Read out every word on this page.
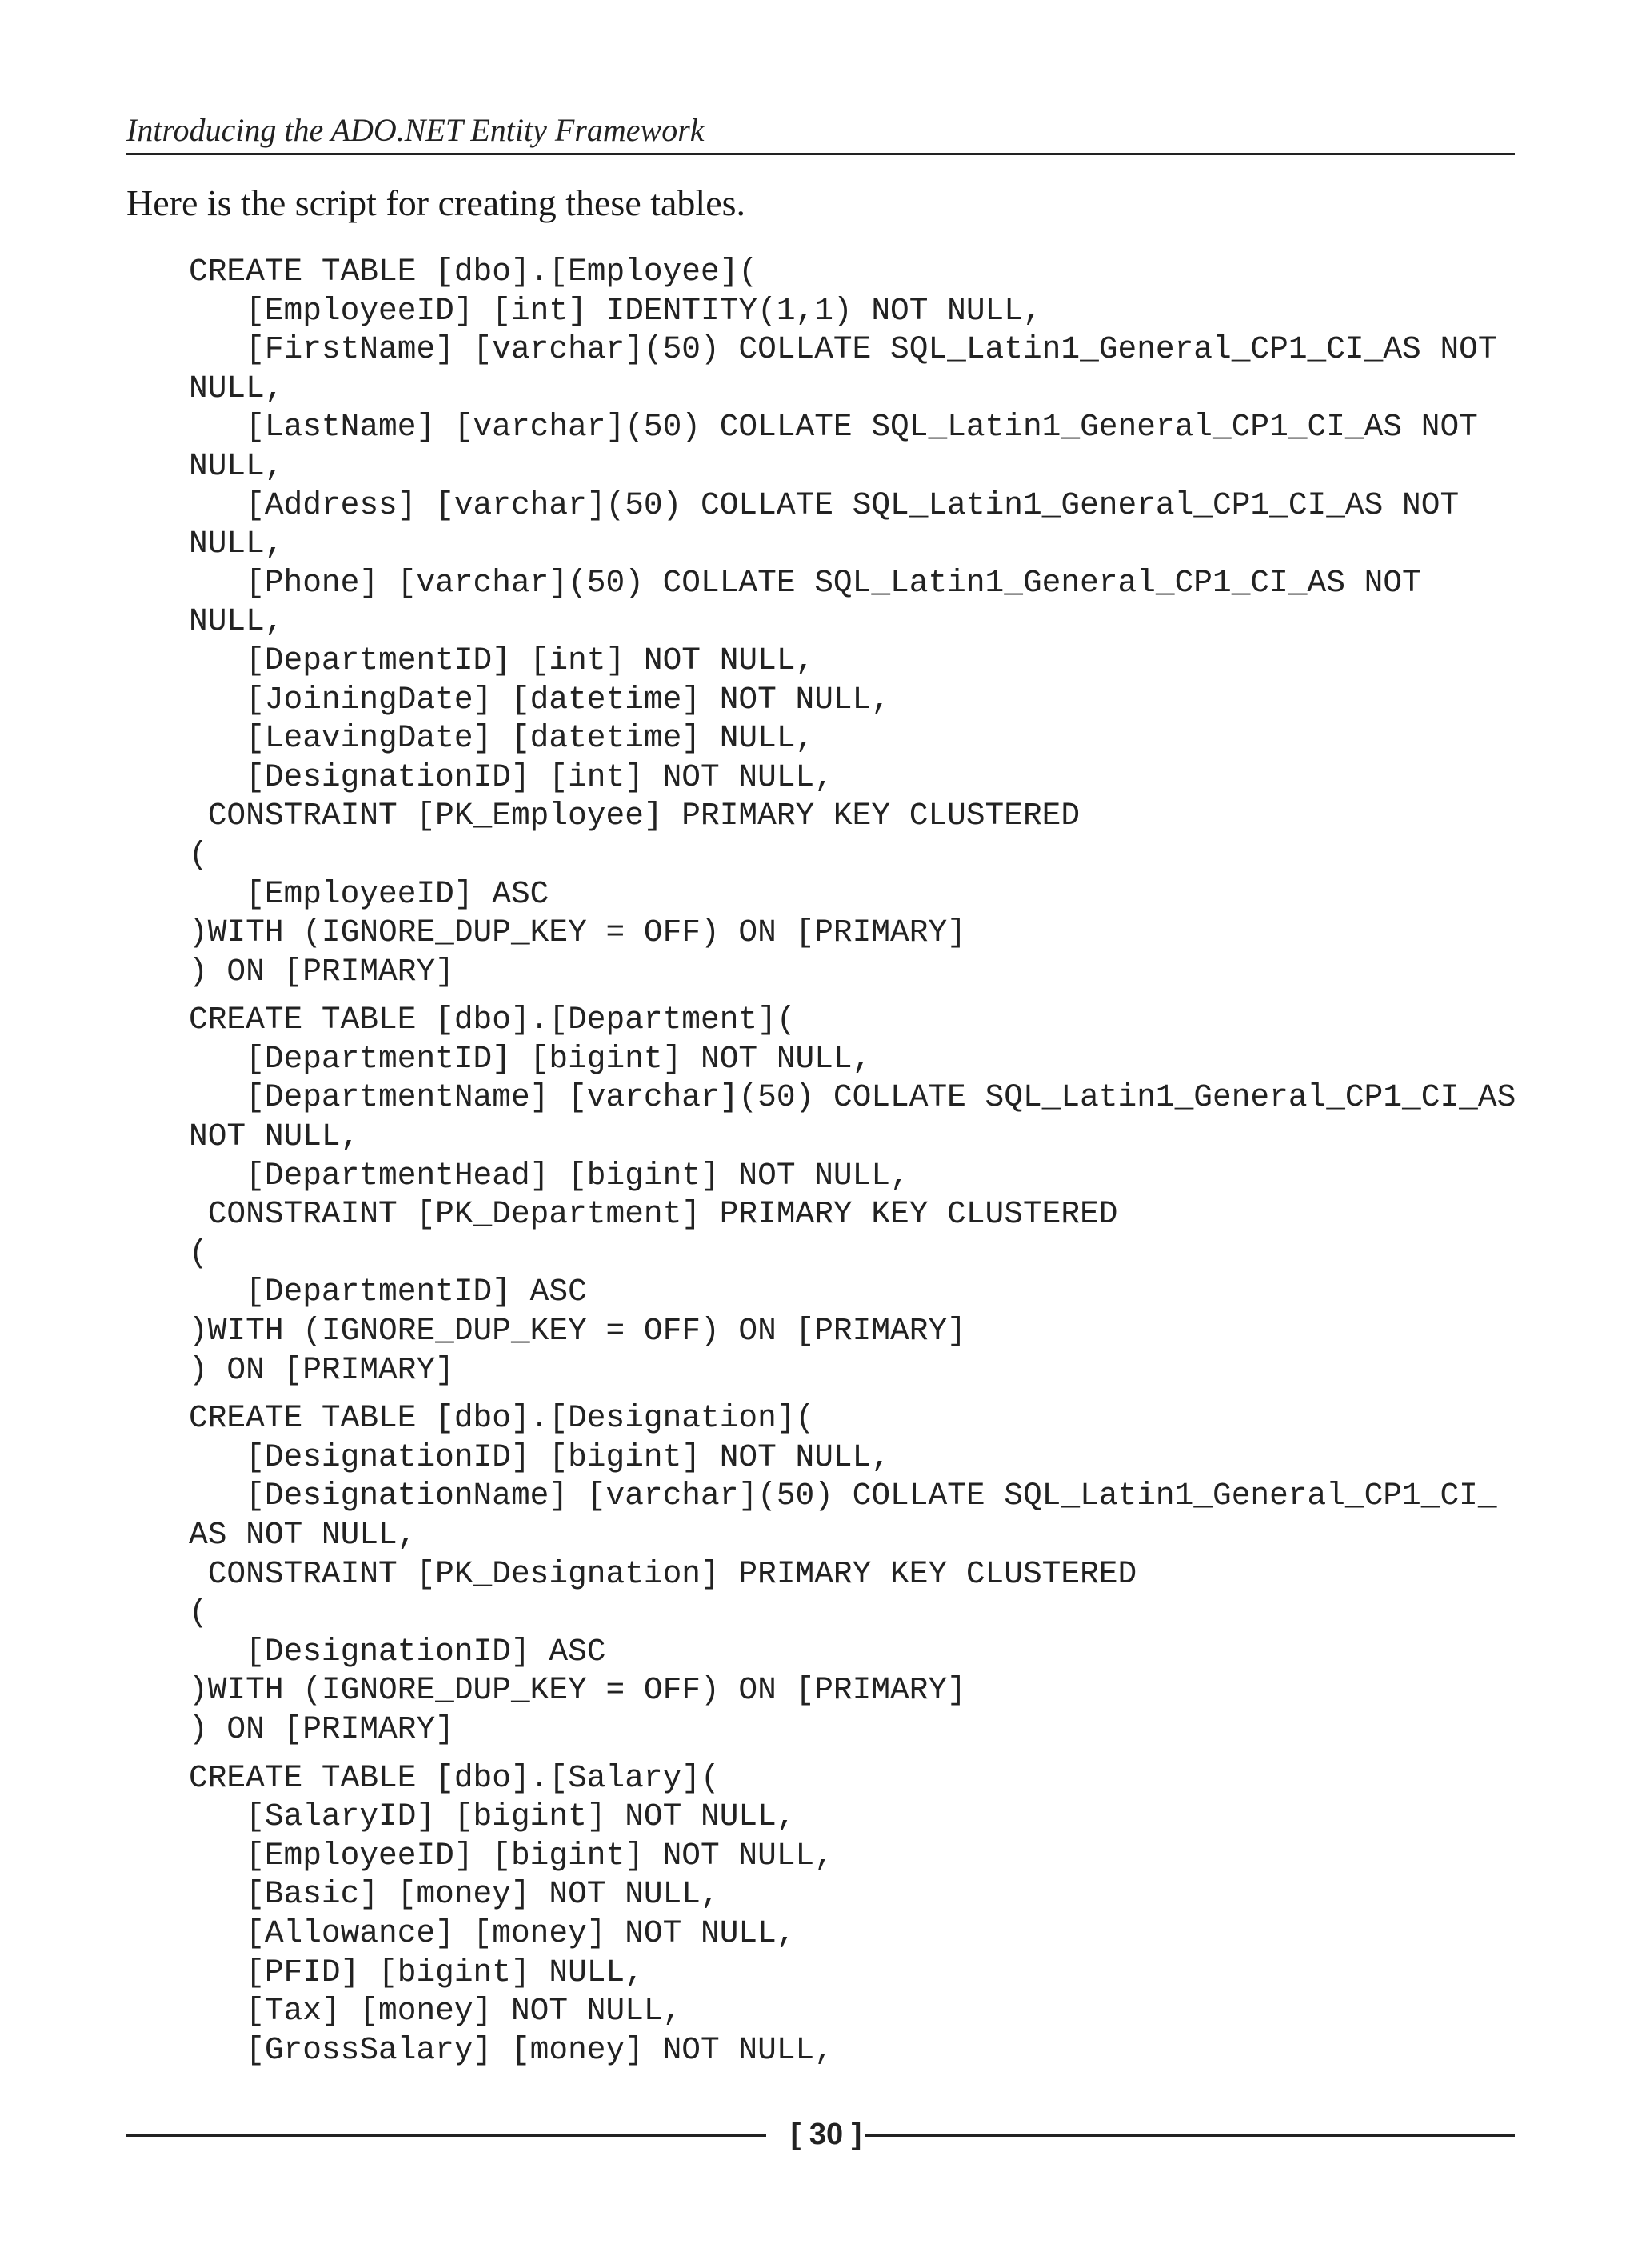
Introducing the ADO.NET Entity Framework

Here is the script for creating these tables.

CREATE TABLE [dbo].[Employee](
[EmployeeID] [int] IDENTITY(1,1) NOT NULL,
[FirstName] [varchar](50) COLLATE SQL_Latin1_General_CP1_CI_AS NOT
NULL,
[LastName] [varchar](50) COLLATE SQL_Latin1_General_CP1_CI_AS NOT
NULL,
[Address] [varchar](50) COLLATE SQL_Latin1_General_CP1_CI_AS NOT
NULL,
[Phone] [varchar](50) COLLATE SQL_Latin1_General_CP1_CI_AS NOT
NULL,
[DepartmentID] [int] NOT NULL,
[JoiningDate] [datetime] NOT NULL,
[LeavingDate] [datetime] NULL,
[DesignationID] [int] NOT NULL,
CONSTRAINT [PK_Employee] PRIMARY KEY CLUSTERED
(
[EmployeeID] ASC
)WITH (IGNORE_DUP_KEY = OFF) ON [PRIMARY]
) ON [PRIMARY]
CREATE TABLE [dbo].[Department](
[DepartmentID] [bigint] NOT NULL,
[DepartmentName] [varchar](50) COLLATE SQL_Latin1_General_CP1_CI_AS
NOT NULL,
[DepartmentHead] [bigint] NOT NULL,
CONSTRAINT [PK_Department] PRIMARY KEY CLUSTERED
(
[DepartmentID] ASC
)WITH (IGNORE_DUP_KEY = OFF) ON [PRIMARY]
) ON [PRIMARY]
CREATE TABLE [dbo].[Designation](
[DesignationID] [bigint] NOT NULL,
[DesignationName] [varchar](50) COLLATE SQL_Latin1_General_CP1_CI_
AS NOT NULL,
CONSTRAINT [PK_Designation] PRIMARY KEY CLUSTERED
(
[DesignationID] ASC
)WITH (IGNORE_DUP_KEY = OFF) ON [PRIMARY]
) ON [PRIMARY]
CREATE TABLE [dbo].[Salary](
[SalaryID] [bigint] NOT NULL,
[EmployeeID] [bigint] NOT NULL,
[Basic] [money] NOT NULL,
[Allowance] [money] NOT NULL,
[PFID] [bigint] NULL,
[Tax] [money] NOT NULL,
[GrossSalary] [money] NOT NULL,
[ 30 ]
